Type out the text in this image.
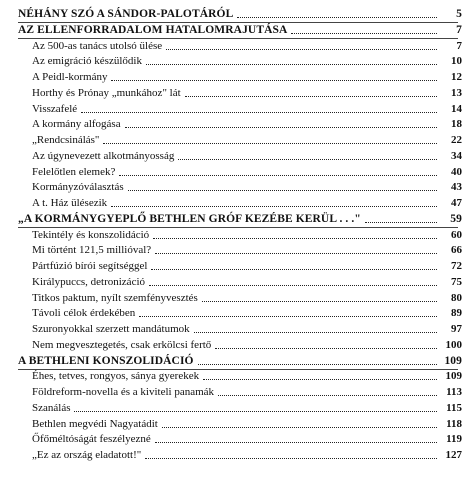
NÉHÁNY SZÓ A SÁNDOR-PALOTÁRÓL	5
AZ ELLENFORRADALOM HATALOMRAJUTÁSA	7
Az 500-as tanács utolsó ülése	7
Az emigráció készülődik	10
A Peidl-kormány	12
Horthy és Prónay „munkához" lát	13
Visszafelé	14
A kormány alfogása	18
„Rendcsinálás"	22
Az úgynevezett alkotmányosság	34
Felelőtlen elemek?	40
Kormányzóválasztás	43
A t. Ház ülésezik	47
„A KORMÁNYGYEPLŐ BETHLEN GRÓF KEZÉBE KERÜL . . ."	59
Tekintély és konszolidáció	60
Mi történt 121,5 millióval?	66
Pártfúzió bírói segítséggel	72
Királypuccs, detronizáció	75
Titkos paktum, nyílt szemfényvesztés	80
Távoli célok érdekében	89
Szuronyokkal szerzett mandátumok	97
Nem megvesztegetés, csak erkölcsi fertő	100
A BETHLENI KONSZOLIDÁCIÓ	109
Éhes, tetves, rongyos, sánya gyerekek	109
Földreform-novella és a kiviteli panamák	113
Szanálás	115
Bethlen megvédi Nagyatádit	118
Őfőméltóságát feszélyezné	119
„Ez az ország eladatott!"	127
